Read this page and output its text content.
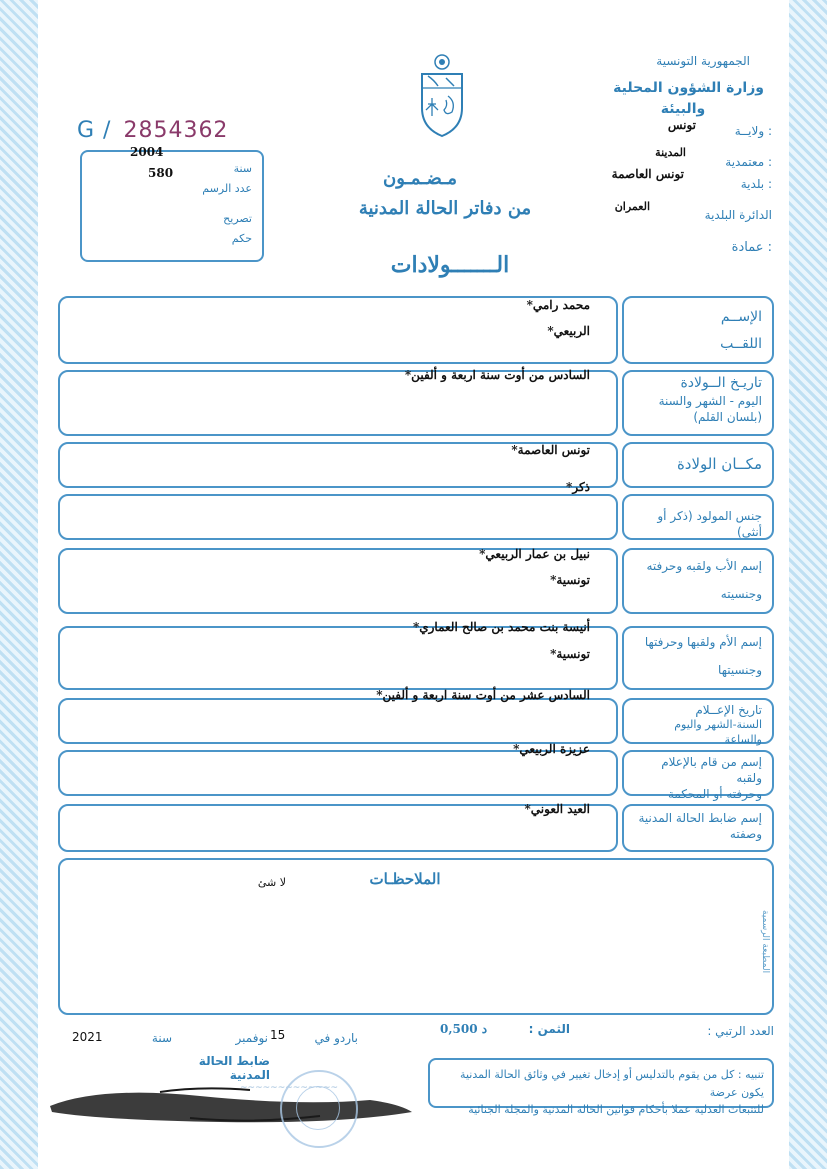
الجمهورية التونسية
وزارة الشؤون المحلية
والبيئة
ولايــة :
تونس
معتمدية :
المدينة
بلدية :
تونس العاصمة
الدائرة البلدية
العمران
عمادة :
G / 2854362
سنة
2004
580
عدد الرسم
تصريح
حكم
مـضـمـون
من دفاتر الحالة المدنية
الـــــــولادات
الإســم
اللقــب
محمد رامي*
الربيعي*
تاريـخ الــولادة
اليوم - الشهر والسنة
(بلسان القلم)
السادس من أوت سنة اربعة و ألفين*
مكــان الولادة
تونس العاصمة*
جنس المولود (ذكر أو أنثى)
ذكر*
إسم الأب ولقبه وحرفته
وجنسيته
نبيل بن عمار الربيعي*
تونسية*
إسم الأم ولقبها وحرفتها
وجنسيتها
أنيسة بنت محمد بن صالح العماري*
تونسية*
تاريخ الإعــلام
السنة-الشهر واليوم والساعة
السادس عشر من أوت سنة اربعة و ألفين*
إسم من قام بالإعلام ولقبه
وحرفته أو المحكمة
عزيزة الربيعي*
إسم ضابط الحالة المدنية
وصفته
العيد العوني*
الملاحظـات
لا شئ
المطبعة الرسمية
العدد الرتبي :
الثمن :
0,500 د
باردو في
15
نوفمبر
سنة
2021
ضابط الحالة المدنية
~~~~~~~~~~~~~
تنبيه : كل من يقوم بالتدليس أو إدخال تغيير في وثائق الحالة المدنية يكون عرضة
للتتبعات العدلية عملا بأحكام قوانين الحالة المدنية والمجلة الجنائية
